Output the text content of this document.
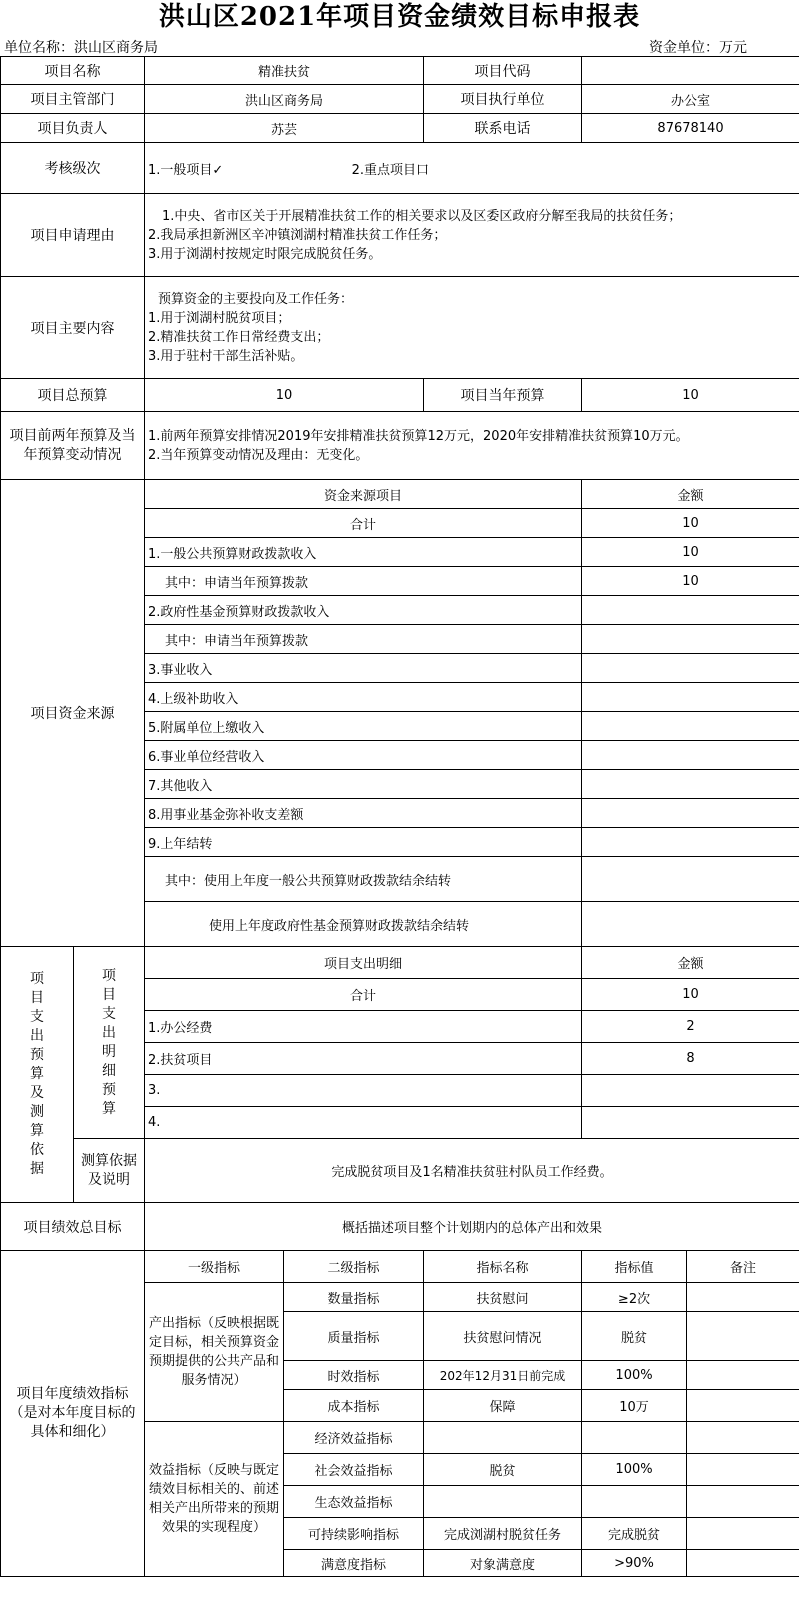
洪山区2021年项目资金绩效目标申报表
单位名称：洪山区商务局	资金单位：万元
项目名称		精准扶贫		项目代码		
项目主管部门		洪山区商务局		项目执行单位	办公室	
项目负责人		苏芸		联系电话	87678140	
考核级次		1.一般项目✓ 2.重点项目口				
项目申请理由		1.中央、省市区关于开展精准扶贫工作的相关要求以及区委区政府分解至我局的扶贫任务；
2.我局承担新洲区辛冲镇浏湖村精准扶贫工作任务；
3.用于浏湖村按规定时限完成脱贫任务。				

项目主要内容		预算资金的主要投向及工作任务：
1.用于浏湖村脱贫项目；
2.精准扶贫工作日常经费支出；
3.用于驻村干部生活补贴。				

项目总预算		10		项目当年预算	10	
项目前两年预算及当年预算变动情况		1.前两年预算安排情况2019年安排精准扶贫预算12万元，2020年安排精准扶贫预算10万元。
2.当年预算变动情况及理由：无变化。				

项目资金来源		资金来源项目			金额	
		合计			10	
		1.一般公共预算财政拨款收入			10	
		其中：申请当年预算拨款			10	
		2.政府性基金预算财政拨款收入				
		其中：申请当年预算拨款				
		3.事业收入				
		4.上级补助收入				
		5.附属单位上缴收入				
		6.事业单位经营收入				
		7.其他收入				
		8.用事业基金弥补收支差额				
		9.上年结转				
		其中：使用上年度一般公共预算财政拨款结余结转				
		使用上年度政府性基金预算财政拨款结余结转				

项目支出预算及测算依据	项目支出明细预算	项目支出明细			金额	
		合计			10	
		1.办公经费			2	
		2.扶贫项目			8	
		3.				
		4.				
	测算依据及说明	完成脱贫项目及1名精准扶贫驻村队员工作经费。				
项目绩效总目标		概括描述项目整个计划期内的总体产出和效果				
项目年度绩效指标（是对本年度目标的具体和细化）		一级指标	二级指标	指标名称	指标值	备注
		产出指标（反映根据既定目标，相关预算资金预期提供的公共产品和服务情况）	数量指标	扶贫慰问	≥2次	
			质量指标	扶贫慰问情况	脱贫	
			时效指标	202年12月31日前完成	100%	
			成本指标	保障	10万	
		效益指标（反映与既定绩效目标相关的、前述相关产出所带来的预期效果的实现程度）	经济效益指标			
			社会效益指标	脱贫	100%	
			生态效益指标			
			可持续影响指标	完成浏湖村脱贫任务	完成脱贫	
			满意度指标	对象满意度	>90%	
